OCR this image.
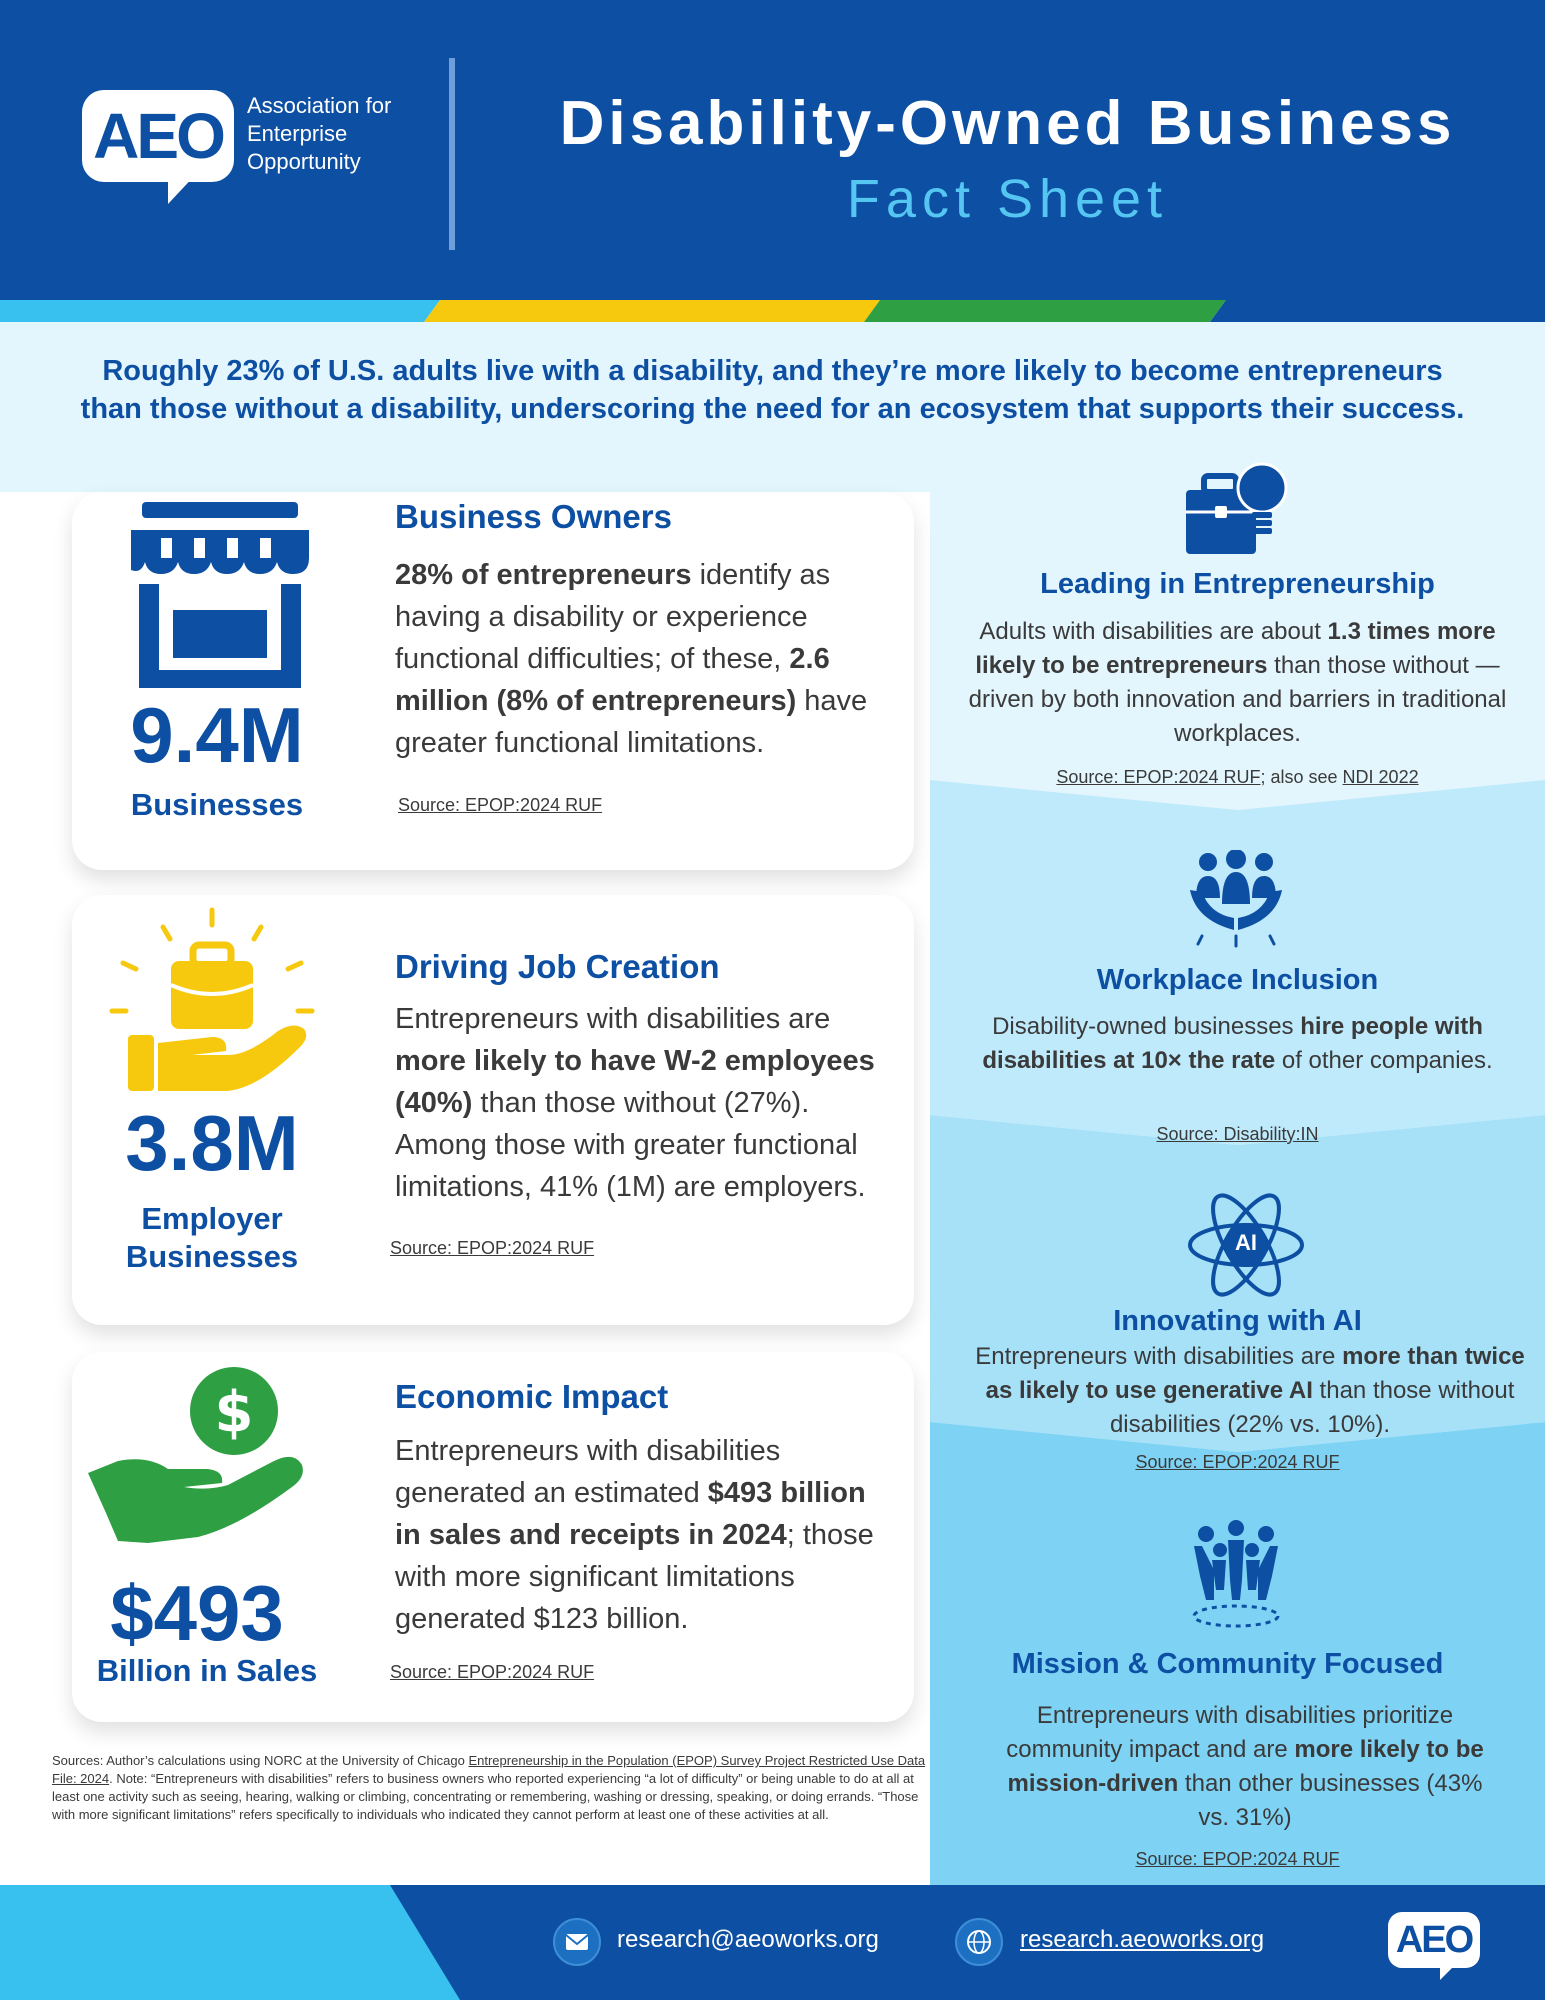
AEO	Association for
Enterprise
Opportunity
Disability-Owned Business
Fact Sheet
Roughly 23% of U.S. adults live with a disability, and they’re more likely to become entrepreneurs
than those without a disability, underscoring the need for an ecosystem that supports their success.
9.4M
Businesses
Business Owners
28% of entrepreneurs identify as having a disability or experience functional difficulties; of these, 2.6 million (8% of entrepreneurs) have greater functional limitations.
Source: EPOP:2024 RUF
3.8M
Employer
Businesses
Driving Job Creation
Entrepreneurs with disabilities are more likely to have W-2 employees (40%) than those without (27%). Among those with greater functional limitations, 41% (1M) are employers.
Source: EPOP:2024 RUF
$
$493
Billion in Sales
Economic Impact
Entrepreneurs with disabilities generated an estimated $493 billion in sales and receipts in 2024; those with more significant limitations generated $123 billion.
Source: EPOP:2024 RUF
Leading in Entrepreneurship
Adults with disabilities are about 1.3 times more likely to be entrepreneurs than those without — driven by both innovation and barriers in traditional workplaces.
Source: EPOP:2024 RUF; also see NDI 2022
Workplace Inclusion
Disability-owned businesses hire people with disabilities at 10× the rate of other companies.
Source: Disability:IN
AI
Innovating with AI
Entrepreneurs with disabilities are more than twice as likely to use generative AI than those without disabilities (22% vs. 10%).
Source: EPOP:2024 RUF
Mission & Community Focused
Entrepreneurs with disabilities prioritize community impact and are more likely to be mission-driven than other businesses (43% vs. 31%)
Source: EPOP:2024 RUF
Sources: Author’s calculations using NORC at the University of Chicago Entrepreneurship in the Population (EPOP) Survey Project Restricted Use Data File: 2024. Note: “Entrepreneurs with disabilities” refers to business owners who reported experiencing “a lot of difficulty” or being unable to do at all at least one activity such as seeing, hearing, walking or climbing, concentrating or remembering, washing or dressing, speaking, or doing errands. “Those with more significant limitations” refers specifically to individuals who indicated they cannot perform at least one of these activities at all.
research@aeoworks.org	research.aeoworks.org	AEO
